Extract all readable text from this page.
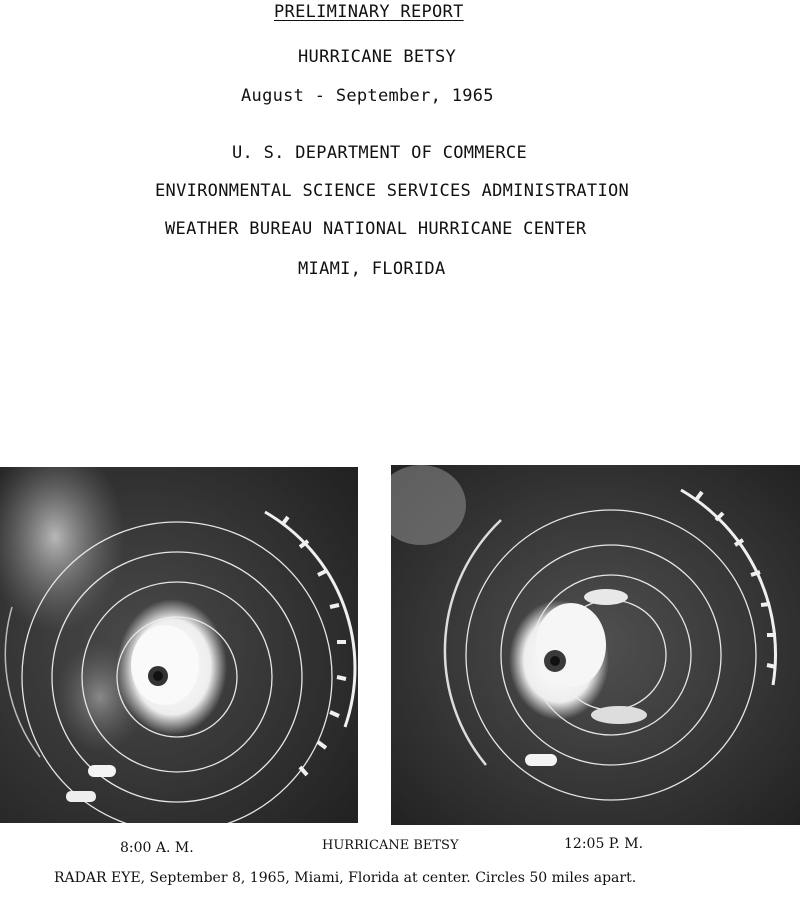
PRELIMINARY REPORT
HURRICANE BETSY
August - September, 1965
U. S. DEPARTMENT OF COMMERCE
ENVIRONMENTAL SCIENCE SERVICES ADMINISTRATION
WEATHER BUREAU NATIONAL HURRICANE CENTER
MIAMI, FLORIDA
8:00 A. M.	HURRICANE BETSY	12:05 P. M.
RADAR EYE, September 8, 1965, Miami, Florida at center. Circles 50 miles apart.
